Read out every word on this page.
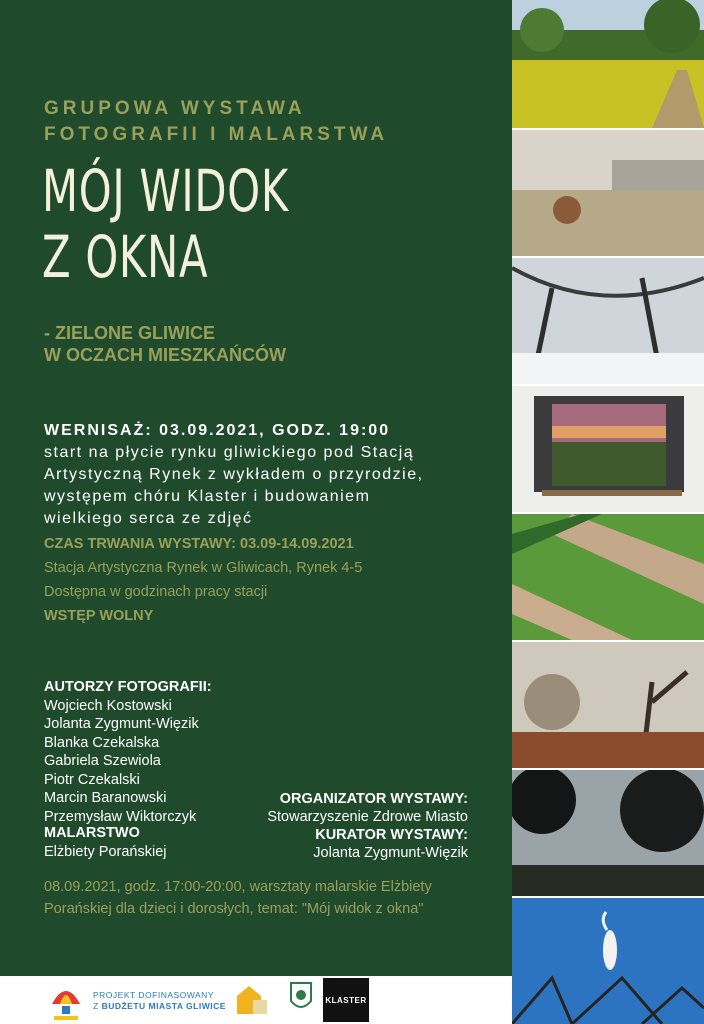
GRUPOWA WYSTAWA
FOTOGRAFII I MALARSTWA
MÓJ WIDOK
Z OKNA
- ZIELONE GLIWICE
W OCZACH MIESZKAŃCÓW
WERNISAŻ: 03.09.2021, GODZ. 19:00
start na płycie rynku gliwickiego pod Stacją
Artystyczną Rynek z wykładem o przyrodzie,
występem chóru Klaster i budowaniem
wielkiego serca ze zdjęć
CZAS TRWANIA WYSTAWY: 03.09-14.09.2021
Stacja Artystyczna Rynek w Gliwicach, Rynek 4-5
Dostępna w godzinach pracy stacji
WSTĘP WOLNY
AUTORZY FOTOGRAFII:
Wojciech Kostowski
Jolanta Zygmunt-Więzik
Blanka Czekalska
Gabriela Szewiola
Piotr Czekalski
Marcin Baranowski
Przemysław Wiktorczyk
MALARSTWO
Elżbiety Porańskiej
ORGANIZATOR WYSTAWY:
Stowarzyszenie Zdrowe Miasto
KURATOR WYSTAWY:
Jolanta Zygmunt-Więzik
08.09.2021, godz. 17:00-20:00, warsztaty malarskie Elżbiety
Porańskiej dla dzieci i dorosłych, temat: "Mój widok z okna"
PROJEKT DOFINASOWANY
Z BUDŻETU MIASTA GLIWICE
KLASTER
